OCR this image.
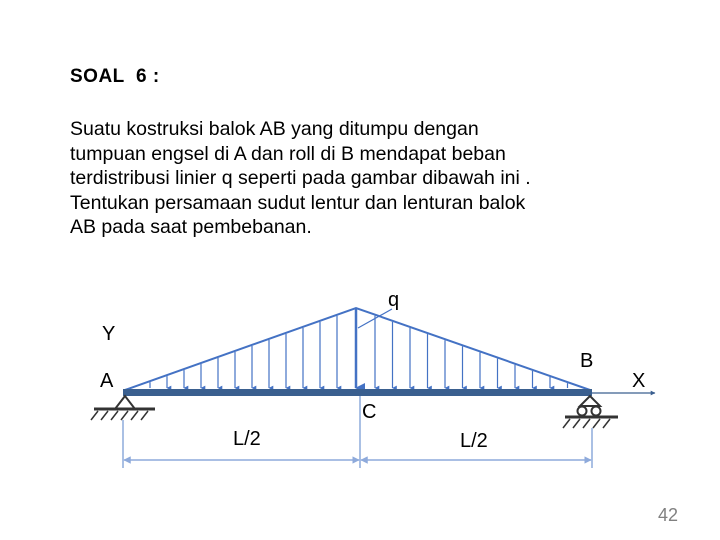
SOAL  6 :
Suatu kostruksi balok AB yang ditumpu dengan
tumpuan engsel di A dan roll di B mendapat beban
terdistribusi linier q seperti pada gambar dibawah ini .
Tentukan persamaan sudut lentur dan lenturan balok
AB pada saat pembebanan.
q
Y
A
B
X
C
L/2	L/2
42
